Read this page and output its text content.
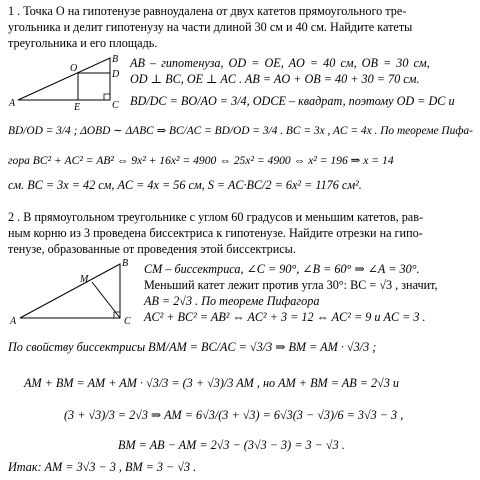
1 . Точка O на гипотенузе равноудалена от двух катетов прямоугольного тре-
угольника и делит гипотенузу на части длиной 30 см и 40 см. Найдите катеты
треугольника и его площадь.
A
B
C
D
E
O	AB – гипотенуза, OD = OE, AO = 40 см, OB = 30 см,
OD ⊥ BC, OE ⊥ AC . AB = AO + OB = 40 + 30 = 70 см.
BD/DC = BO/AO = 3/4, ODCE – квадрат, поэтому OD = DC и
BD/OD = 3/4 ; ΔOBD ∼ ΔABC ⇒ BC/AC = BD/OD = 3/4 . BC = 3x , AC = 4x . По теореме Пифа-
гора BC² + AC² = AB² ⇔ 9x² + 16x² = 4900 ⇔ 25x² = 4900 ⇔ x² = 196 ⇒ x = 14
см. BC = 3x = 42 см, AC = 4x = 56 см, S = AC·BC/2 = 6x² = 1176 см².
2 . В прямоугольном треугольнике с углом 60 градусов и меньшим катетов, рав-
ным корню из 3 проведена биссектриса к гипотенузе. Найдите отрезки на гипо-
тенузе, образованные от проведения этой биссектрисы.
A
B
C
M
CM – биссектриса, ∠C = 90°, ∠B = 60° ⇒ ∠A = 30°.
Меньший катет лежит против угла 30°: BC = √3 , значит,
AB = 2√3 . По теореме Пифагора
AC² + BC² = AB² ⇔ AC² + 3 = 12 ⇔ AC² = 9 и AC = 3 .
По свойству биссектрисы BM/AM = BC/AC = √3/3 ⇒ BM = AM · √3/3 ;
AM + BM = AM + AM · √3/3 = (3 + √3)/3 AM , но AM + BM = AB = 2√3 и
(3 + √3)/3 = 2√3 ⇒ AM = 6√3/(3 + √3) = 6√3(3 − √3)/6 = 3√3 − 3 ,
BM = AB − AM = 2√3 − (3√3 − 3) = 3 − √3 .
Итак: AM = 3√3 − 3 , BM = 3 − √3 .
